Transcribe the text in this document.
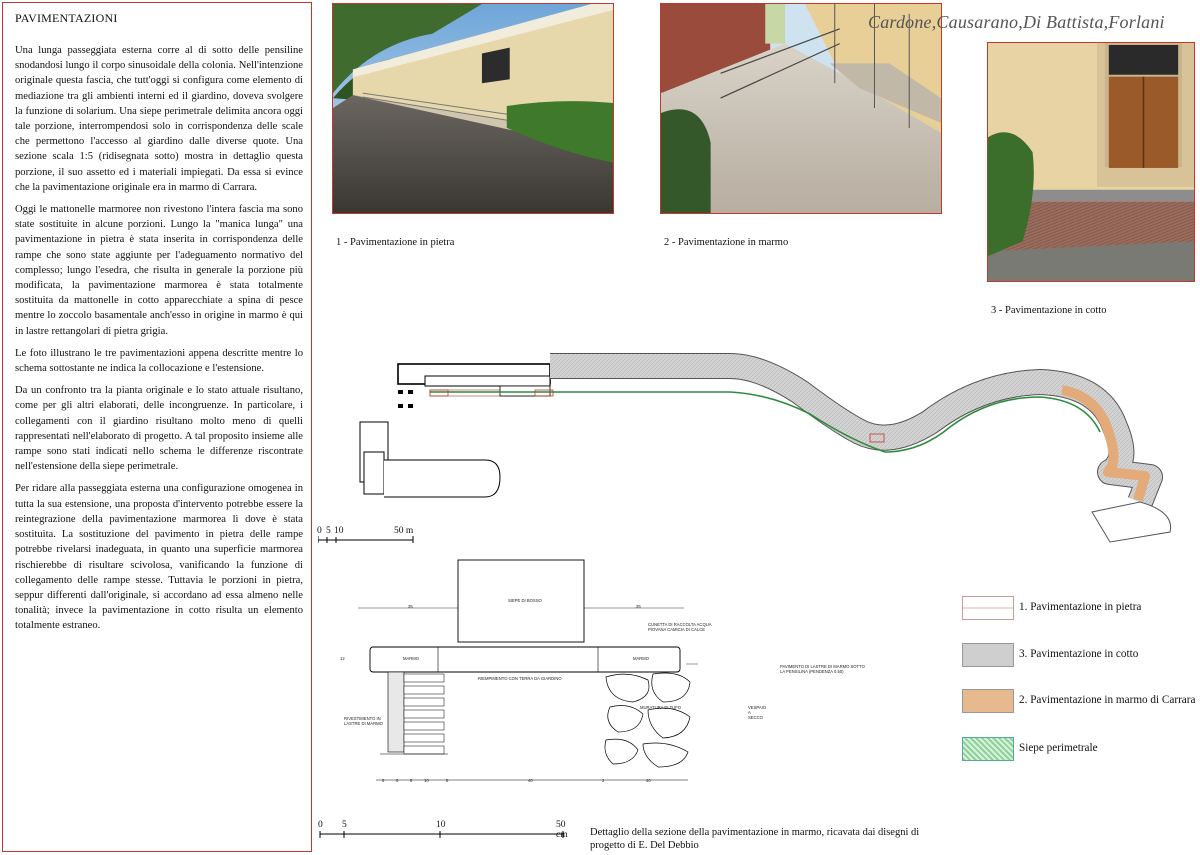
PAVIMENTAZIONI

Una lunga passeggiata esterna corre al di sotto delle pensiline snodandosi lungo il corpo sinusoidale della colonia. Nell'intenzione originale questa fascia, che tutt'oggi si configura come elemento di mediazione tra gli ambienti interni ed il giardino, doveva svolgere la funzione di solarium. Una siepe perimetrale delimita ancora oggi tale porzione, interrompendosi solo in corrispondenza delle scale che permettono l'accesso al giardino dalle diverse quote. Una sezione scala 1:5 (ridisegnata sotto) mostra in dettaglio questa porzione, il suo assetto ed i materiali impiegati. Da essa si evince che la pavimentazione originale era in marmo di Carrara.

Oggi le mattonelle marmoree non rivestono l'intera fascia ma sono state sostituite in alcune porzioni. Lungo la "manica lunga" una pavimentazione in pietra è stata inserita in corrispondenza delle rampe che sono state aggiunte per l'adeguamento normativo del complesso; lungo l'esedra, che risulta in generale la porzione più modificata, la pavimentazione marmorea è stata totalmente sostituita da mattonelle in cotto apparecchiate a spina di pesce mentre lo zoccolo basamentale anch'esso in origine in marmo è qui in lastre rettangolari di pietra grigia.

Le foto illustrano le tre pavimentazioni appena descritte mentre lo schema sottostante ne indica la collocazione e l'estensione.

Da un confronto tra la pianta originale e lo stato attuale risultano, come per gli altri elaborati, delle incongruenze. In particolare, i collegamenti con il giardino risultano molto meno di quelli rappresentati nell'elaborato di progetto. A tal proposito insieme alle rampe sono stati indicati nello schema le differenze riscontrate nell'estensione della siepe perimetrale.

Per ridare alla passeggiata esterna una configurazione omogenea in tutta la sua estensione, una proposta d'intervento potrebbe essere la reintegrazione della pavimentazione marmorea lì dove è stata sostituita. La sostituzione del pavimento in pietra delle rampe potrebbe rivelarsi inadeguata, in quanto una superficie marmorea rischierebbe di risultare scivolosa, vanificando la funzione di collegamento delle rampe stesse. Tuttavia le porzioni in pietra, seppur differenti dall'originale, si accordano ad essa almeno nelle tonalità; invece la pavimentazione in cotto risulta un elemento totalmente estraneo.

1 - Pavimentazione in pietra	2 - Pavimentazione in marmo
Cardone,Causarano,Di Battista,Forlani
3 - Pavimentazione in cotto
0 5 10	50 m
SIEPE DI BOSSO
35	35
CUNETTA DI RACCOLTA ACQUA PIOVANA CAMICIA DI CALCE
12	MARMO	MARMO
RIEMPIMENTO CON TERRA DA GIARDINO
PAVIMENTO DI LASTRE DI MARMO SOTTO LA PENSILINA (PENDENZA 0.50)
MURATURA DI TUFO	VESPAIO A SECCO
RIVESTIMENTO IN LASTRE DI MARMO
6	6	6	10	8	40	2	40
0 5	10	50 cm	Dettaglio della sezione della pavimentazione in marmo, ricavata dai disegni di progetto di E. Del Debbio
1. Pavimentazione in pietra
3. Pavimentazione in cotto
2. Pavimentazione in marmo di Carrara
Siepe perimetrale
